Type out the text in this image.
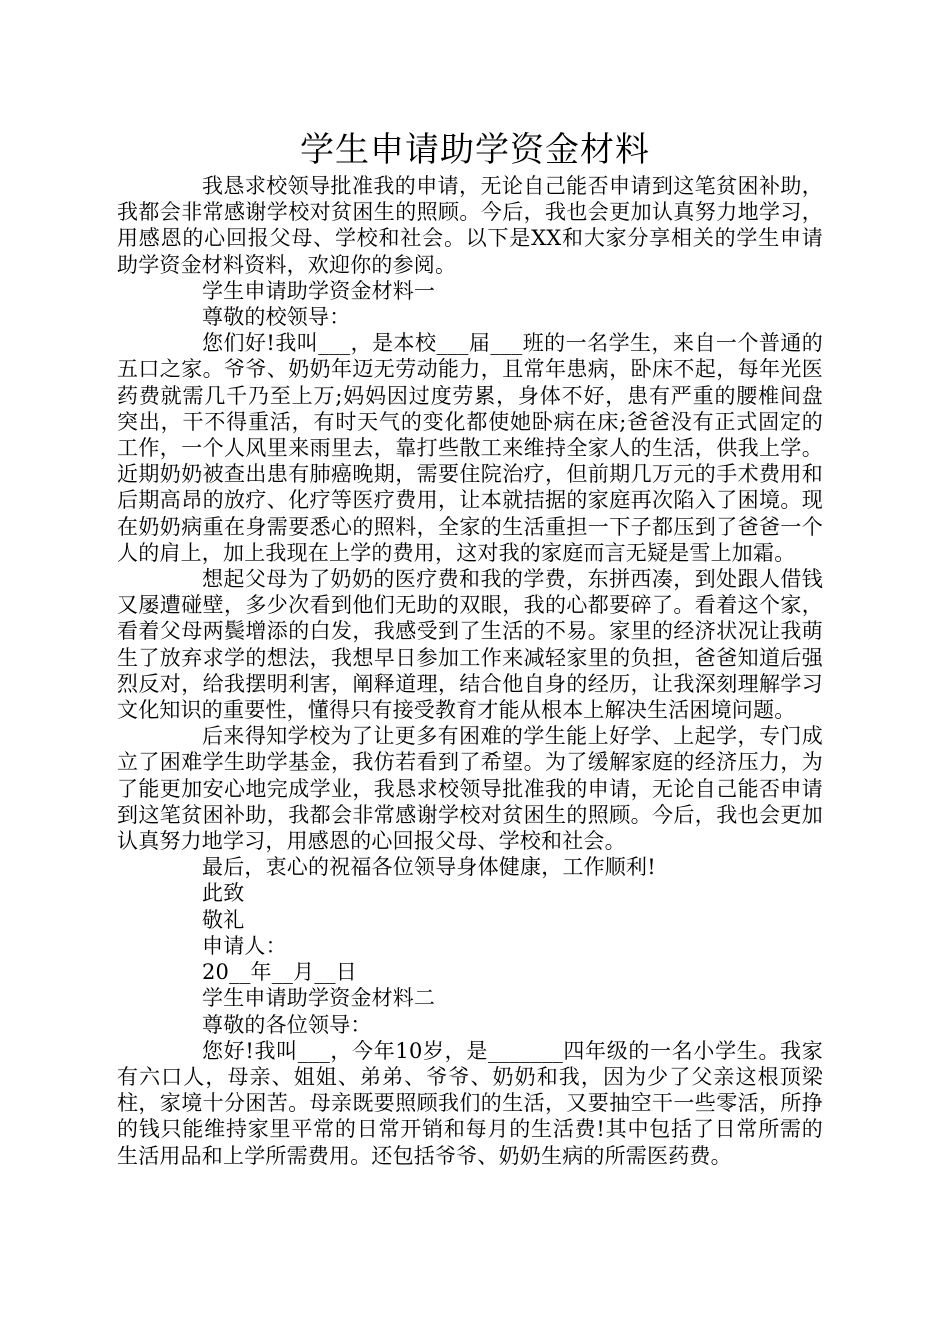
学生申请助学资金材料

我恳求校领导批准我的申请，无论自己能否申请到这笔贫困补助，我都会非常感谢学校对贫困生的照顾。今后，我也会更加认真努力地学习，用感恩的心回报父母、学校和社会。以下是XX和大家分享相关的学生申请助学资金材料资料，欢迎你的参阅。

学生申请助学资金材料一

尊敬的校领导：

您们好!我叫___，是本校___届___班的一名学生，来自一个普通的五口之家。爷爷、奶奶年迈无劳动能力，且常年患病，卧床不起，每年光医药费就需几千乃至上万;妈妈因过度劳累，身体不好，患有严重的腰椎间盘突出，干不得重活，有时天气的变化都使她卧病在床;爸爸没有正式固定的工作，一个人风里来雨里去，靠打些散工来维持全家人的生活，供我上学。近期奶奶被查出患有肺癌晚期，需要住院治疗，但前期几万元的手术费用和后期高昂的放疗、化疗等医疗费用，让本就拮据的家庭再次陷入了困境。现在奶奶病重在身需要悉心的照料，全家的生活重担一下子都压到了爸爸一个人的肩上，加上我现在上学的费用，这对我的家庭而言无疑是雪上加霜。

想起父母为了奶奶的医疗费和我的学费，东拼西凑，到处跟人借钱又屡遭碰壁，多少次看到他们无助的双眼，我的心都要碎了。看着这个家，看着父母两鬓增添的白发，我感受到了生活的不易。家里的经济状况让我萌生了放弃求学的想法，我想早日参加工作来减轻家里的负担，爸爸知道后强烈反对，给我摆明利害，阐释道理，结合他自身的经历，让我深刻理解学习文化知识的重要性，懂得只有接受教育才能从根本上解决生活困境问题。

后来得知学校为了让更多有困难的学生能上好学、上起学，专门成立了困难学生助学基金，我仿若看到了希望。为了缓解家庭的经济压力，为了能更加安心地完成学业，我恳求校领导批准我的申请，无论自己能否申请到这笔贫困补助，我都会非常感谢学校对贫困生的照顾。今后，我也会更加认真努力地学习，用感恩的心回报父母、学校和社会。

最后，衷心的祝福各位领导身体健康，工作顺利!

此致

敬礼

申请人：

20__年__月__日

学生申请助学资金材料二

尊敬的各位领导：

您好!我叫___，今年10岁，是_______四年级的一名小学生。我家有六口人，母亲、姐姐、弟弟、爷爷、奶奶和我，因为少了父亲这根顶梁柱，家境十分困苦。母亲既要照顾我们的生活，又要抽空干一些零活，所挣的钱只能维持家里平常的日常开销和每月的生活费!其中包括了日常所需的生活用品和上学所需费用。还包括爷爷、奶奶生病的所需医药费。
